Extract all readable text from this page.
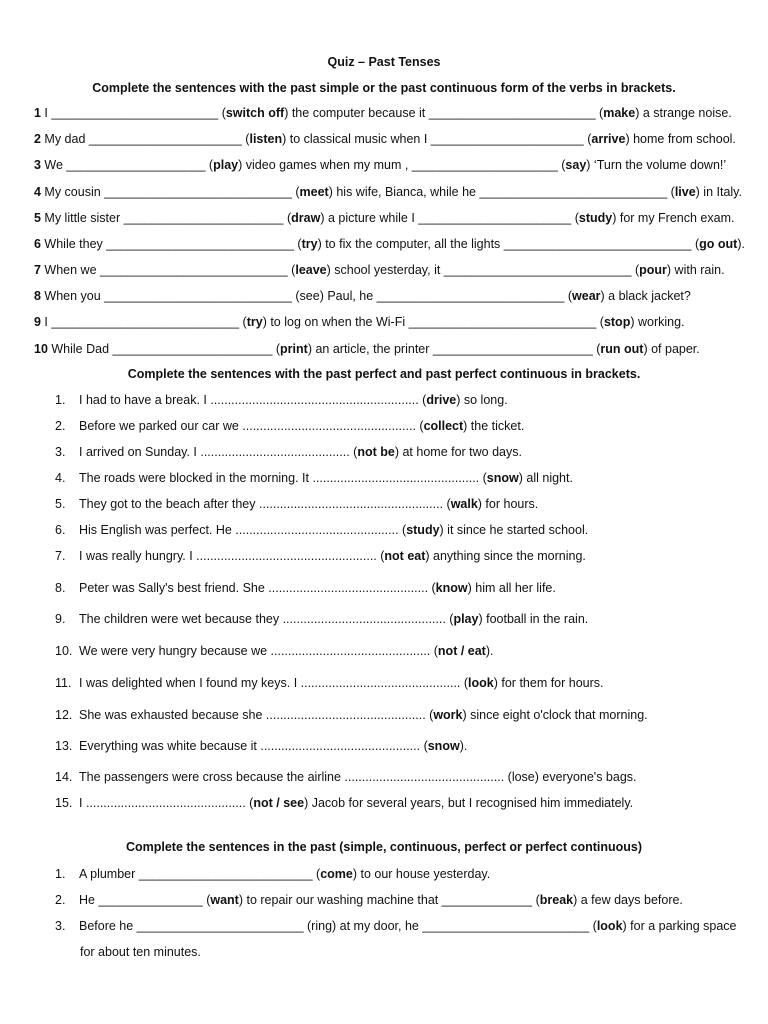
Quiz – Past Tenses
Complete the sentences with the past simple or the past continuous form of the verbs in brackets.
1 I ________________________ (switch off) the computer because it ________________________ (make) a strange noise.
2 My dad ______________________ (listen) to classical music when I ______________________ (arrive) home from school.
3 We ____________________ (play) video games when my mum , _____________________ (say) ‘Turn the volume down!’
4 My cousin ___________________________ (meet) his wife, Bianca, while he ___________________________ (live) in Italy.
5 My little sister _______________________ (draw) a picture while I ______________________ (study) for my French exam.
6 While they ___________________________ (try) to fix the computer, all the lights ___________________________ (go out).
7 When we ___________________________ (leave) school yesterday, it ___________________________ (pour) with rain.
8 When you ___________________________ (see) Paul, he ___________________________ (wear) a black jacket?
9 I ___________________________ (try) to log on when the Wi-Fi ___________________________ (stop) working.
10 While Dad _______________________ (print) an article, the printer _______________________ (run out) of paper.
Complete the sentences with the past perfect and past perfect continuous in brackets.
1. I had to have a break. I ............................................................ (drive) so long.
2. Before we parked our car we .................................................. (collect) the ticket.
3. I arrived on Sunday. I ........................................... (not be) at home for two days.
4. The roads were blocked in the morning. It ................................................ (snow) all night.
5. They got to the beach after they ..................................................... (walk) for hours.
6. His English was perfect. He ............................................... (study) it since he started school.
7. I was really hungry. I .................................................... (not eat) anything since the morning.
8. Peter was Sally's best friend. She .............................................. (know) him all her life.
9. The children were wet because they ............................................... (play) football in the rain.
10. We were very hungry because we .............................................. (not / eat).
11. I was delighted when I found my keys. I .............................................. (look) for them for hours.
12. She was exhausted because she .............................................. (work) since eight o'clock that morning.
13. Everything was white because it .............................................. (snow).
14. The passengers were cross because the airline .............................................. (lose) everyone's bags.
15. I .............................................. (not / see) Jacob for several years, but I recognised him immediately.
Complete the sentences in the past (simple, continuous, perfect or perfect continuous)
1. A plumber _________________________ (come) to our house yesterday.
2. He _______________ (want) to repair our washing machine that _____________ (break) a few days before.
3. Before he ________________________ (ring) at my door, he ________________________ (look) for a parking space
for about ten minutes.
